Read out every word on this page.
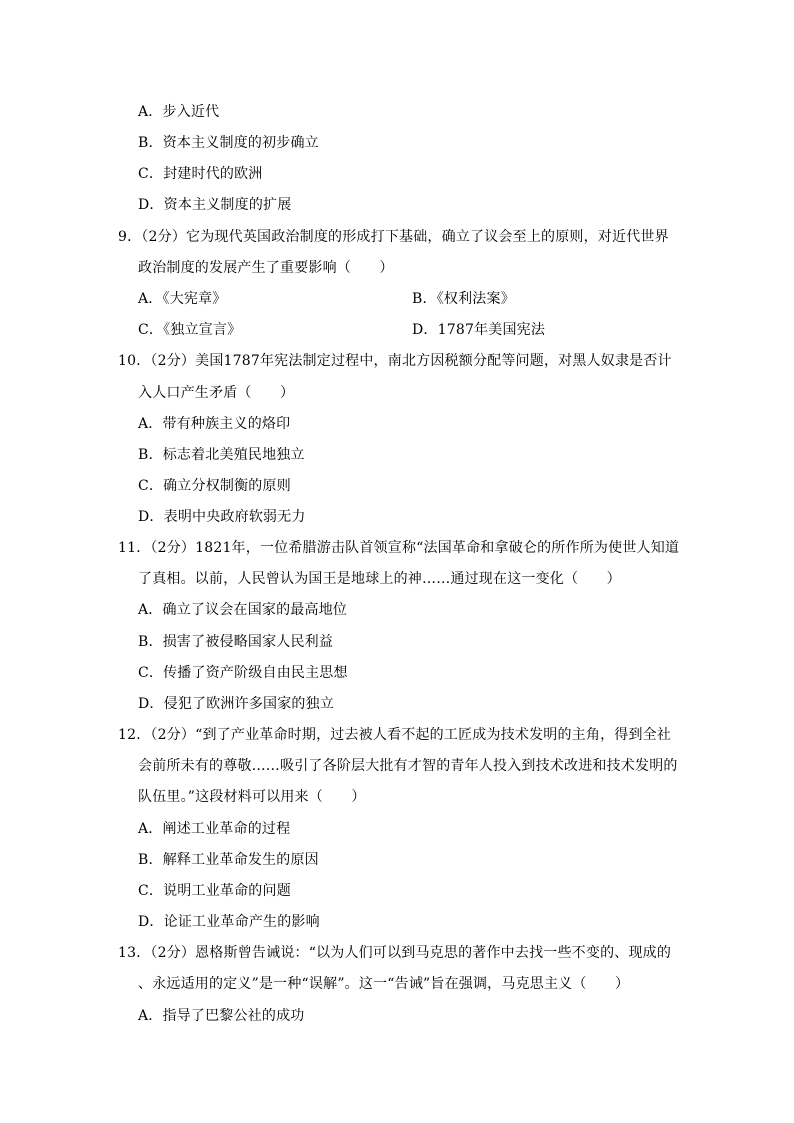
A．步入近代
B．资本主义制度的初步确立
C．封建时代的欧洲
D．资本主义制度的扩展
9．（2分）它为现代英国政治制度的形成打下基础，确立了议会至上的原则，对近代世界
政治制度的发展产生了重要影响（　　）
A．《大宪章》	B．《权利法案》
C．《独立宣言》	D．1787年美国宪法
10．（2分）美国1787年宪法制定过程中，南北方因税额分配等问题，对黑人奴隶是否计
入人口产生矛盾（　　）
A．带有种族主义的烙印
B．标志着北美殖民地独立
C．确立分权制衡的原则
D．表明中央政府软弱无力
11．（2分）1821年，一位希腊游击队首领宣称“法国革命和拿破仑的所作所为使世人知道
了真相。以前，人民曾认为国王是地球上的神……通过现在这一变化（　　）
A．确立了议会在国家的最高地位
B．损害了被侵略国家人民利益
C．传播了资产阶级自由民主思想
D．侵犯了欧洲许多国家的独立
12．（2分）“到了产业革命时期，过去被人看不起的工匠成为技术发明的主角，得到全社
会前所未有的尊敬……吸引了各阶层大批有才智的青年人投入到技术改进和技术发明的
队伍里。”这段材料可以用来（　　）
A．阐述工业革命的过程
B．解释工业革命发生的原因
C．说明工业革命的问题
D．论证工业革命产生的影响
13．（2分）恩格斯曾告诫说：“以为人们可以到马克思的著作中去找一些不变的、现成的
、永远适用的定义”是一种“误解”。这一“告诫”旨在强调，马克思主义（　　）
A．指导了巴黎公社的成功
